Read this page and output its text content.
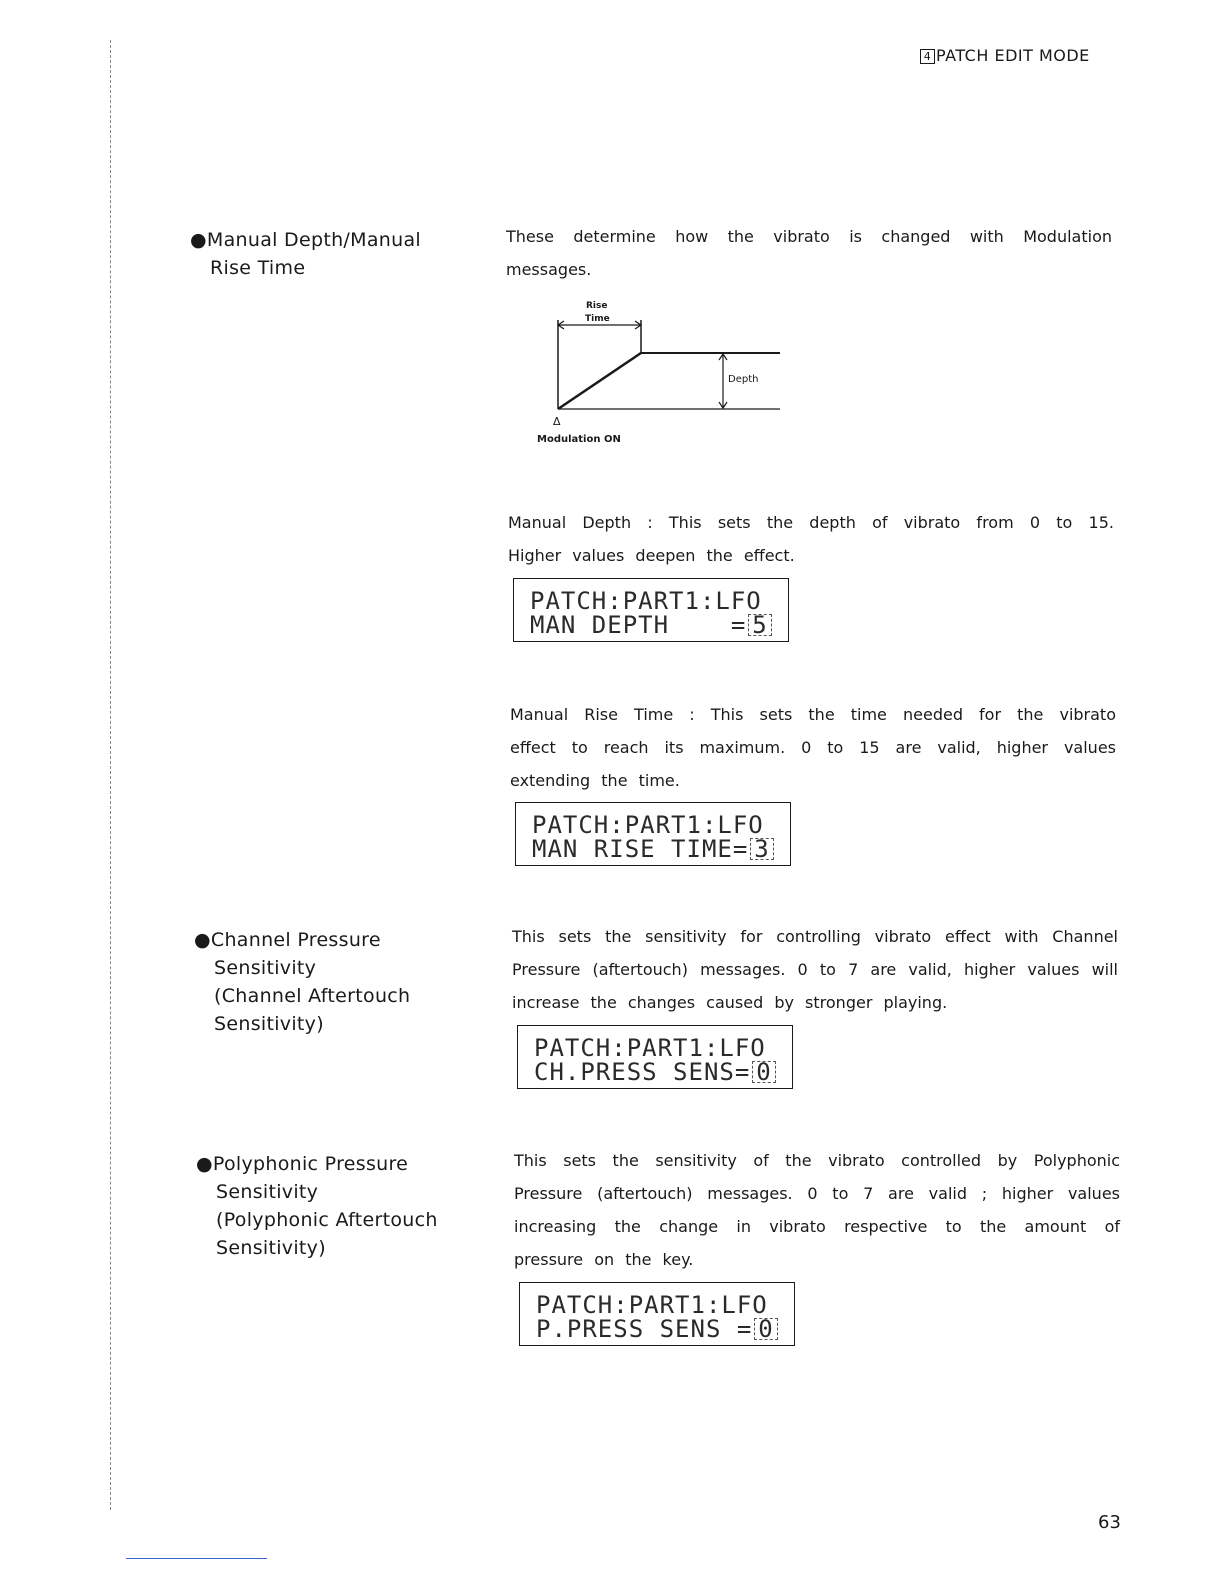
4 PATCH EDIT MODE
●Manual Depth/Manual
Rise Time

These determine how the vibrato is changed with Modulation messages.

Rise
Time
Depth
Δ
Modulation ON

Manual Depth : This sets the depth of vibrato from 0 to 15. Higher values deepen the effect.

PATCH:PART1:LFO
MAN DEPTH    = 5

Manual Rise Time : This sets the time needed for the vibrato effect to reach its maximum. 0 to 15 are valid, higher values extending the time.

PATCH:PART1:LFO
MAN RISE TIME= 3
●Channel Pressure
Sensitivity
(Channel Aftertouch
Sensitivity)

This sets the sensitivity for controlling vibrato effect with Channel Pressure (aftertouch) messages. 0 to 7 are valid, higher values will increase the changes caused by stronger playing.

PATCH:PART1:LFO
CH.PRESS SENS= 0
●Polyphonic Pressure
Sensitivity
(Polyphonic Aftertouch
Sensitivity)

This sets the sensitivity of the vibrato controlled by Polyphonic Pressure (aftertouch) messages. 0 to 7 are valid ; higher values increasing the change in vibrato respective to the amount of pressure on the key.

PATCH:PART1:LFO
P.PRESS SENS = 0
63
